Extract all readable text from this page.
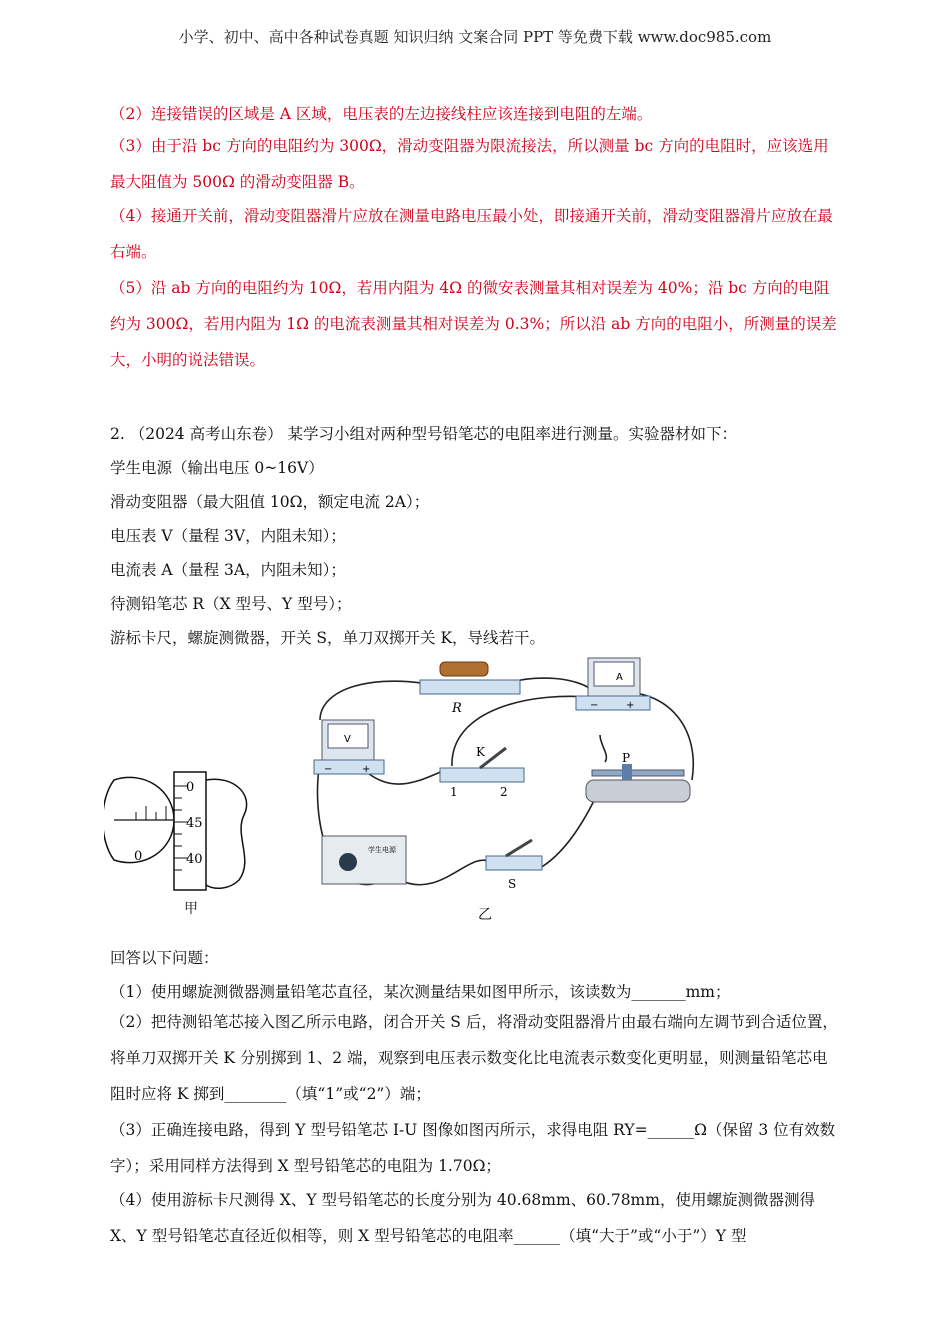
小学、初中、高中各种试卷真题 知识归纳 文案合同 PPT 等免费下载 www.doc985.com
（2）连接错误的区域是 A 区域，电压表的左边接线柱应该连接到电阻的左端。
（3）由于沿 bc 方向的电阻约为 300Ω，滑动变阻器为限流接法，所以测量 bc 方向的电阻时，应该选用最大阻值为 500Ω 的滑动变阻器 B。
（4）接通开关前，滑动变阻器滑片应放在测量电路电压最小处，即接通开关前，滑动变阻器滑片应放在最右端。
（5）沿 ab 方向的电阻约为 10Ω，若用内阻为 4Ω 的微安表测量其相对误差为 40%；沿 bc 方向的电阻约为 300Ω，若用内阻为 1Ω 的电流表测量其相对误差为 0.3%；所以沿 ab 方向的电阻小，所测量的误差大，小明的说法错误。
2. （2024 高考山东卷） 某学习小组对两种型号铅笔芯的电阻率进行测量。实验器材如下：
学生电源（输出电压 0~16V）
滑动变阻器（最大阻值 10Ω，额定电流 2A）；
电压表 V（量程 3V，内阻未知）；
电流表 A（量程 3A，内阻未知）；
待测铅笔芯 R（X 型号、Y 型号）；
游标卡尺，螺旋测微器，开关 S，单刀双掷开关 K，导线若干。
0
0
45
40
甲
R
A
−	+
V
−	+
K
1	2
P
学生电源
S
乙
回答以下问题：
（1）使用螺旋测微器测量铅笔芯直径，某次测量结果如图甲所示，该读数为_______mm；
（2）把待测铅笔芯接入图乙所示电路，闭合开关 S 后，将滑动变阻器滑片由最右端向左调节到合适位置，将单刀双掷开关 K 分别掷到 1、2 端，观察到电压表示数变化比电流表示数变化更明显，则测量铅笔芯电阻时应将 K 掷到________（填“1”或“2”）端；
（3）正确连接电路，得到 Y 型号铅笔芯 I-U 图像如图丙所示，求得电阻 RY=______Ω（保留 3 位有效数字）；采用同样方法得到 X 型号铅笔芯的电阻为 1.70Ω；
（4）使用游标卡尺测得 X、Y 型号铅笔芯的长度分别为 40.68mm、60.78mm，使用螺旋测微器测得 X、Y 型号铅笔芯直径近似相等，则 X 型号铅笔芯的电阻率______（填“大于”或“小于”）Y 型
